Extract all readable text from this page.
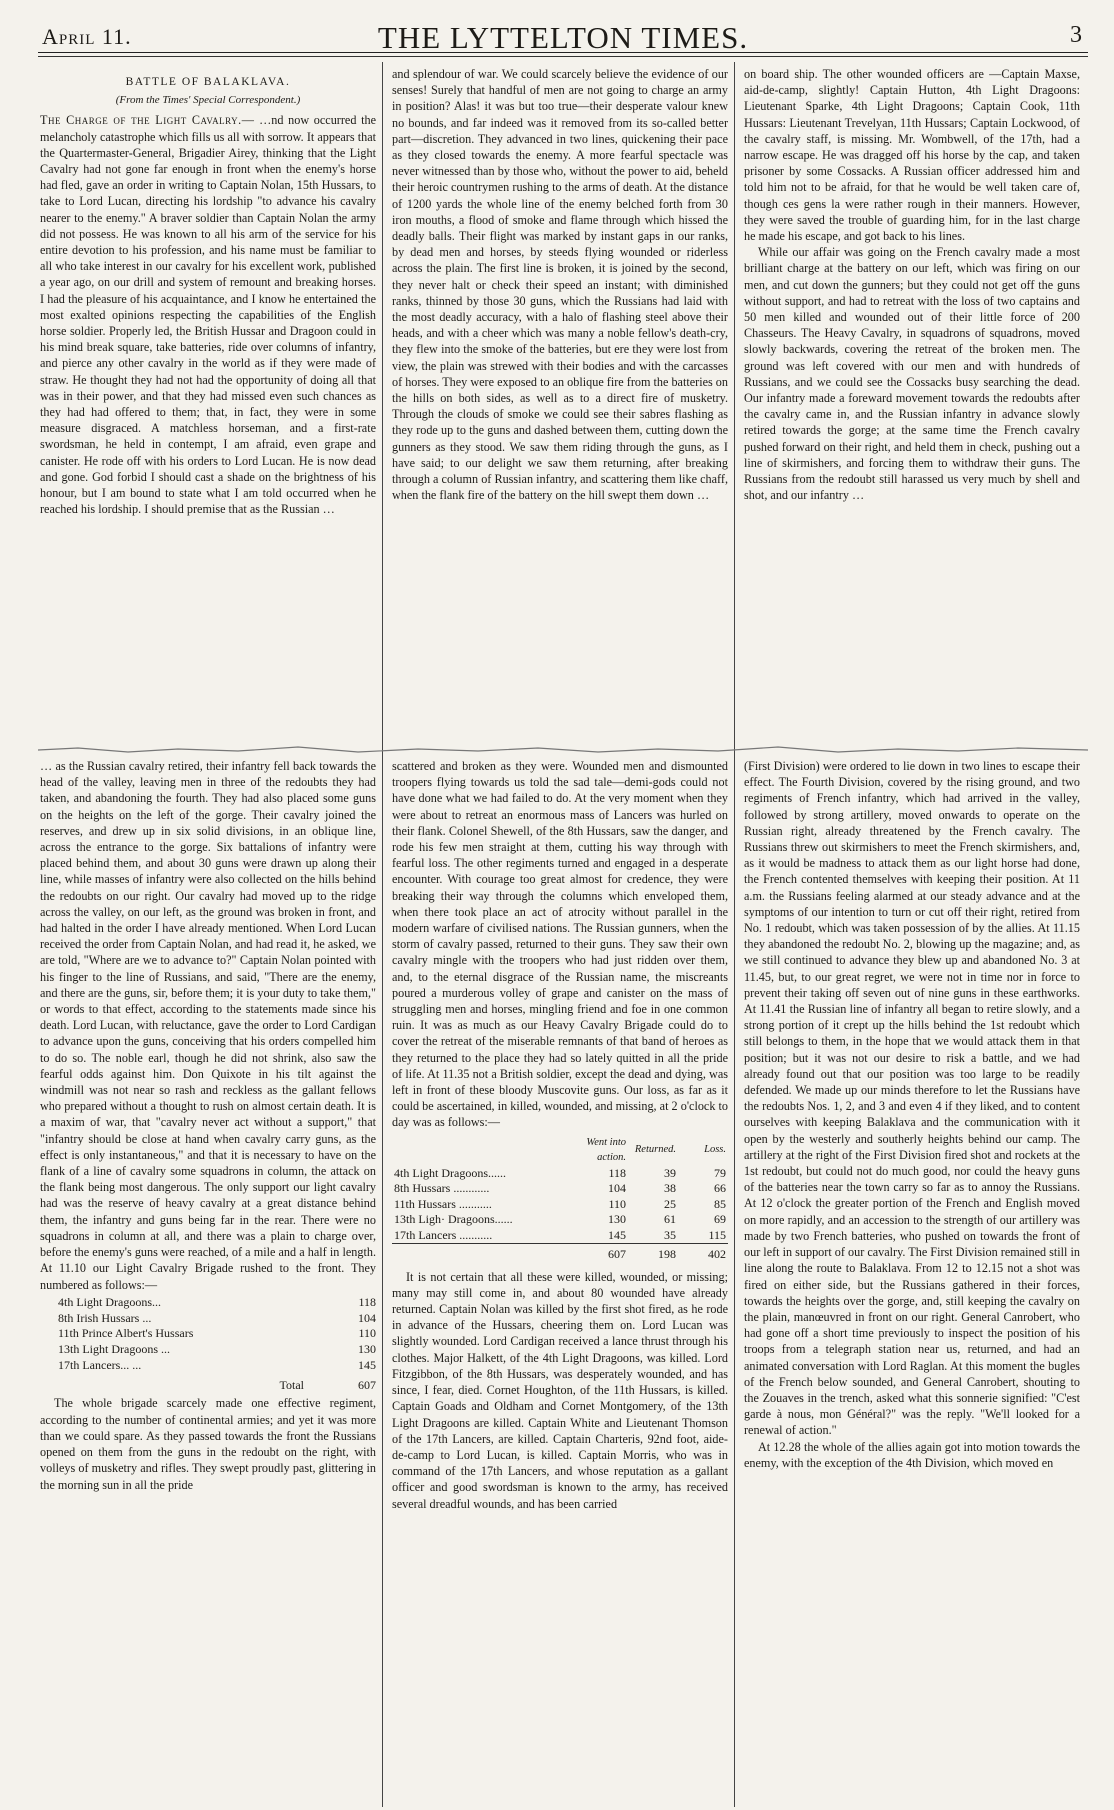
April 11.	THE LYTTELTON TIMES.	3
BATTLE OF BALAKLAVA.
(From the Times' Special Correspondent.)

The Charge of the Light Cavalry.— …nd now occurred the melancholy catastrophe which fills us all with sorrow. It appears that the Quartermaster-General, Brigadier Airey, thinking that the Light Cavalry had not gone far enough in front when the enemy's horse had fled, gave an order in writing to Captain Nolan, 15th Hussars, to take to Lord Lucan, directing his lordship "to advance his cavalry nearer to the enemy." A braver soldier than Captain Nolan the army did not possess. He was known to all his arm of the service for his entire devotion to his profession, and his name must be familiar to all who take interest in our cavalry for his excellent work, published a year ago, on our drill and system of remount and breaking horses. I had the pleasure of his acquaintance, and I know he entertained the most exalted opinions respecting the capabilities of the English horse soldier. Properly led, the British Hussar and Dragoon could in his mind break square, take batteries, ride over columns of infantry, and pierce any other cavalry in the world as if they were made of straw. He thought they had not had the opportunity of doing all that was in their power, and that they had missed even such chances as they had had offered to them; that, in fact, they were in some measure disgraced. A matchless horseman, and a first-rate swordsman, he held in contempt, I am afraid, even grape and canister. He rode off with his orders to Lord Lucan. He is now dead and gone. God forbid I should cast a shade on the brightness of his honour, but I am bound to state what I am told occurred when he reached his lordship. I should premise that as the Russian …

and splendour of war. We could scarcely believe the evidence of our senses! Surely that handful of men are not going to charge an army in position? Alas! it was but too true—their desperate valour knew no bounds, and far indeed was it removed from its so-called better part—discretion. They advanced in two lines, quickening their pace as they closed towards the enemy. A more fearful spectacle was never witnessed than by those who, without the power to aid, beheld their heroic countrymen rushing to the arms of death. At the distance of 1200 yards the whole line of the enemy belched forth from 30 iron mouths, a flood of smoke and flame through which hissed the deadly balls. Their flight was marked by instant gaps in our ranks, by dead men and horses, by steeds flying wounded or riderless across the plain. The first line is broken, it is joined by the second, they never halt or check their speed an instant; with diminished ranks, thinned by those 30 guns, which the Russians had laid with the most deadly accuracy, with a halo of flashing steel above their heads, and with a cheer which was many a noble fellow's death-cry, they flew into the smoke of the batteries, but ere they were lost from view, the plain was strewed with their bodies and with the carcasses of horses. They were exposed to an oblique fire from the batteries on the hills on both sides, as well as to a direct fire of musketry. Through the clouds of smoke we could see their sabres flashing as they rode up to the guns and dashed between them, cutting down the gunners as they stood. We saw them riding through the guns, as I have said; to our delight we saw them returning, after breaking through a column of Russian infantry, and scattering them like chaff, when the flank fire of the battery on the hill swept them down …

on board ship. The other wounded officers are —Captain Maxse, aid-de-camp, slightly! Captain Hutton, 4th Light Dragoons: Lieutenant Sparke, 4th Light Dragoons; Captain Cook, 11th Hussars: Lieutenant Trevelyan, 11th Hussars; Captain Lockwood, of the cavalry staff, is missing. Mr. Wombwell, of the 17th, had a narrow escape. He was dragged off his horse by the cap, and taken prisoner by some Cossacks. A Russian officer addressed him and told him not to be afraid, for that he would be well taken care of, though ces gens la were rather rough in their manners. However, they were saved the trouble of guarding him, for in the last charge he made his escape, and got back to his lines.

While our affair was going on the French cavalry made a most brilliant charge at the battery on our left, which was firing on our men, and cut down the gunners; but they could not get off the guns without support, and had to retreat with the loss of two captains and 50 men killed and wounded out of their little force of 200 Chasseurs. The Heavy Cavalry, in squadrons of squadrons, moved slowly backwards, covering the retreat of the broken men. The ground was left covered with our men and with hundreds of Russians, and we could see the Cossacks busy searching the dead. Our infantry made a foreward movement towards the redoubts after the cavalry came in, and the Russian infantry in advance slowly retired towards the gorge; at the same time the French cavalry pushed forward on their right, and held them in check, pushing out a line of skirmishers, and forcing them to withdraw their guns. The Russians from the redoubt still harassed us very much by shell and shot, and our infantry …

… as the Russian cavalry retired, their infantry fell back towards the head of the valley, leaving men in three of the redoubts they had taken, and abandoning the fourth. They had also placed some guns on the heights on the left of the gorge. Their cavalry joined the reserves, and drew up in six solid divisions, in an oblique line, across the entrance to the gorge. Six battalions of infantry were placed behind them, and about 30 guns were drawn up along their line, while masses of infantry were also collected on the hills behind the redoubts on our right. Our cavalry had moved up to the ridge across the valley, on our left, as the ground was broken in front, and had halted in the order I have already mentioned. When Lord Lucan received the order from Captain Nolan, and had read it, he asked, we are told, "Where are we to advance to?" Captain Nolan pointed with his finger to the line of Russians, and said, "There are the enemy, and there are the guns, sir, before them; it is your duty to take them," or words to that effect, according to the statements made since his death. Lord Lucan, with reluctance, gave the order to Lord Cardigan to advance upon the guns, conceiving that his orders compelled him to do so. The noble earl, though he did not shrink, also saw the fearful odds against him. Don Quixote in his tilt against the windmill was not near so rash and reckless as the gallant fellows who prepared without a thought to rush on almost certain death. It is a maxim of war, that "cavalry never act without a support," that "infantry should be close at hand when cavalry carry guns, as the effect is only instantaneous," and that it is necessary to have on the flank of a line of cavalry some squadrons in column, the attack on the flank being most dangerous. The only support our light cavalry had was the reserve of heavy cavalry at a great distance behind them, the infantry and guns being far in the rear. There were no squadrons in column at all, and there was a plain to charge over, before the enemy's guns were reached, of a mile and a half in length. At 11.10 our Light Cavalry Brigade rushed to the front. They numbered as follows:—

4th Light Dragoons...	118
8th Irish Hussars ...	104
11th Prince Albert's Hussars	110
13th Light Dragoons ...	130
17th Lancers... ...	145
Total	607

The whole brigade scarcely made one effective regiment, according to the number of continental armies; and yet it was more than we could spare. As they passed towards the front the Russians opened on them from the guns in the redoubt on the right, with volleys of musketry and rifles. They swept proudly past, glittering in the morning sun in all the pride

scattered and broken as they were. Wounded men and dismounted troopers flying towards us told the sad tale—demi-gods could not have done what we had failed to do. At the very moment when they were about to retreat an enormous mass of Lancers was hurled on their flank. Colonel Shewell, of the 8th Hussars, saw the danger, and rode his few men straight at them, cutting his way through with fearful loss. The other regiments turned and engaged in a desperate encounter. With courage too great almost for credence, they were breaking their way through the columns which enveloped them, when there took place an act of atrocity without parallel in the modern warfare of civilised nations. The Russian gunners, when the storm of cavalry passed, returned to their guns. They saw their own cavalry mingle with the troopers who had just ridden over them, and, to the eternal disgrace of the Russian name, the miscreants poured a murderous volley of grape and canister on the mass of struggling men and horses, mingling friend and foe in one common ruin. It was as much as our Heavy Cavalry Brigade could do to cover the retreat of the miserable remnants of that band of heroes as they returned to the place they had so lately quitted in all the pride of life. At 11.35 not a British soldier, except the dead and dying, was left in front of these bloody Muscovite guns. Our loss, as far as it could be ascertained, in killed, wounded, and missing, at 2 o'clock to day was as follows:—

	Went into action.	Returned.	Loss.
4th Light Dragoons......	118	39	79
8th Hussars ............	104	38	66
11th Hussars ...........	110	25	85
13th Ligh· Dragoons......	130	61	69
17th Lancers ...........	145	35	115
	607	198	402

It is not certain that all these were killed, wounded, or missing; many may still come in, and about 80 wounded have already returned. Captain Nolan was killed by the first shot fired, as he rode in advance of the Hussars, cheering them on. Lord Lucan was slightly wounded. Lord Cardigan received a lance thrust through his clothes. Major Halkett, of the 4th Light Dragoons, was killed. Lord Fitzgibbon, of the 8th Hussars, was desperately wounded, and has since, I fear, died. Cornet Houghton, of the 11th Hussars, is killed. Captain Goads and Oldham and Cornet Montgomery, of the 13th Light Dragoons are killed. Captain White and Lieutenant Thomson of the 17th Lancers, are killed. Captain Charteris, 92nd foot, aide-de-camp to Lord Lucan, is killed. Captain Morris, who was in command of the 17th Lancers, and whose reputation as a gallant officer and good swordsman is known to the army, has received several dreadful wounds, and has been carried

(First Division) were ordered to lie down in two lines to escape their effect. The Fourth Division, covered by the rising ground, and two regiments of French infantry, which had arrived in the valley, followed by strong artillery, moved onwards to operate on the Russian right, already threatened by the French cavalry. The Russians threw out skirmishers to meet the French skirmishers, and, as it would be madness to attack them as our light horse had done, the French contented themselves with keeping their position. At 11 a.m. the Russians feeling alarmed at our steady advance and at the symptoms of our intention to turn or cut off their right, retired from No. 1 redoubt, which was taken possession of by the allies. At 11.15 they abandoned the redoubt No. 2, blowing up the magazine; and, as we still continued to advance they blew up and abandoned No. 3 at 11.45, but, to our great regret, we were not in time nor in force to prevent their taking off seven out of nine guns in these earthworks. At 11.41 the Russian line of infantry all began to retire slowly, and a strong portion of it crept up the hills behind the 1st redoubt which still belongs to them, in the hope that we would attack them in that position; but it was not our desire to risk a battle, and we had already found out that our position was too large to be readily defended. We made up our minds therefore to let the Russians have the redoubts Nos. 1, 2, and 3 and even 4 if they liked, and to content ourselves with keeping Balaklava and the communication with it open by the westerly and southerly heights behind our camp. The artillery at the right of the First Division fired shot and rockets at the 1st redoubt, but could not do much good, nor could the heavy guns of the batteries near the town carry so far as to annoy the Russians. At 12 o'clock the greater portion of the French and English moved on more rapidly, and an accession to the strength of our artillery was made by two French batteries, who pushed on towards the front of our left in support of our cavalry. The First Division remained still in line along the route to Balaklava. From 12 to 12.15 not a shot was fired on either side, but the Russians gathered in their forces, towards the heights over the gorge, and, still keeping the cavalry on the plain, manœuvred in front on our right. General Canrobert, who had gone off a short time previously to inspect the position of his troops from a telegraph station near us, returned, and had an animated conversation with Lord Raglan. At this moment the bugles of the French below sounded, and General Canrobert, shouting to the Zouaves in the trench, asked what this sonnerie signified: "C'est garde à nous, mon Général?" was the reply. "We'll looked for a renewal of action."

At 12.28 the whole of the allies again got into motion towards the enemy, with the exception of the 4th Division, which moved en
